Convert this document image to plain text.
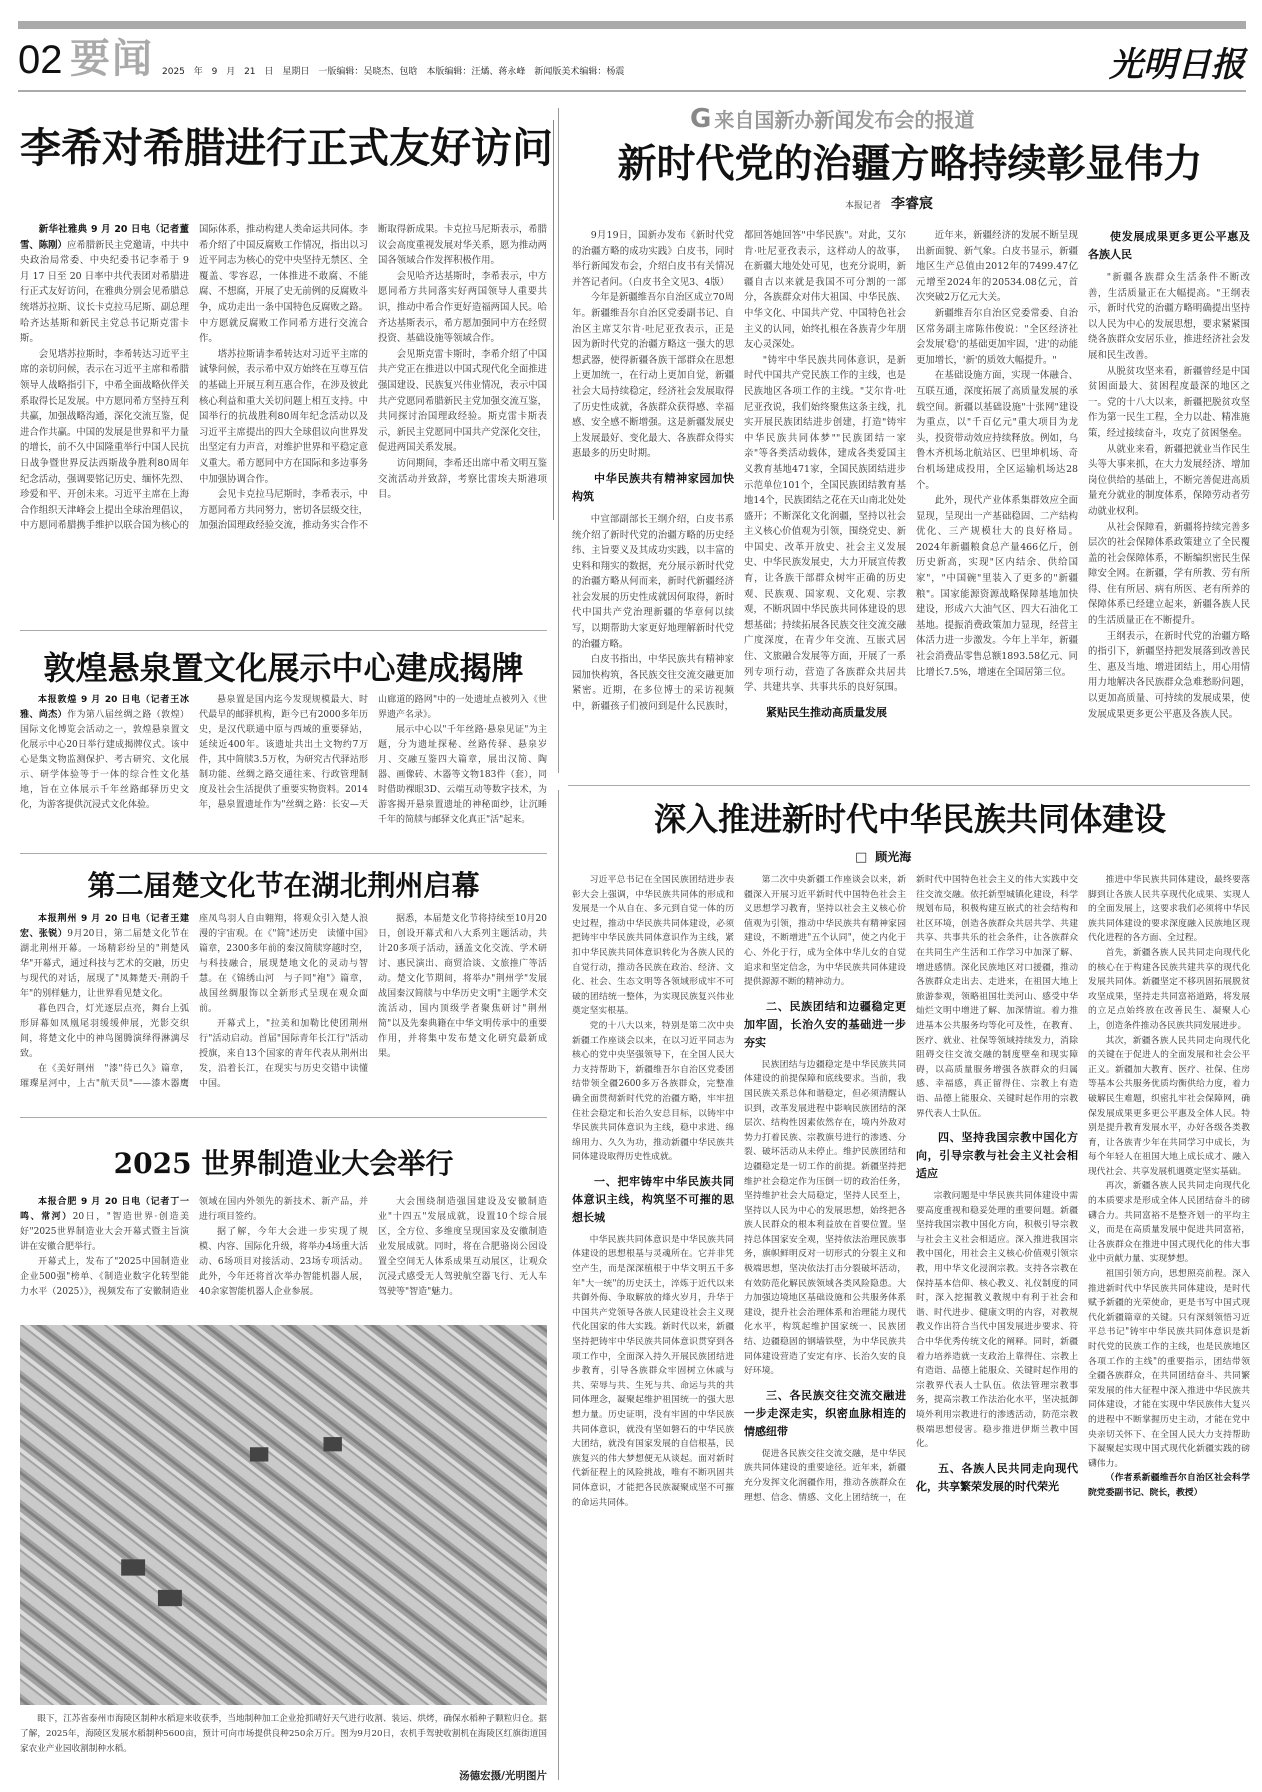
02 要闻 2025 年 9 月 21 日　星期日　一版编辑：吴晓杰、包晗　本版编辑：汪燏、蒋永峰　新闻版美术编辑：杨震	光明日报
李希对希腊进行正式友好访问

新华社雅典 9 月 20 日电（记者董雪、陈刚）应希腊新民主党邀请，中共中央政治局常委、中央纪委书记李希于 9 月 17 日至 20 日率中共代表团对希腊进行正式友好访问，在雅典分别会见希腊总统塔苏拉斯、议长卡克拉马尼斯、副总理哈齐达基斯和新民主党总书记斯克雷卡斯。

会见塔苏拉斯时，李希转达习近平主席的亲切问候，表示在习近平主席和希腊领导人战略指引下，中希全面战略伙伴关系取得长足发展。中方愿同希方坚持互利共赢，加强战略沟通，深化交流互鉴，促进合作共赢。中国的发展是世界和平力量的增长，前不久中国隆重举行中国人民抗日战争暨世界反法西斯战争胜利80周年纪念活动，强调要铭记历史、缅怀先烈、珍爱和平、开创未来。习近平主席在上海合作组织天津峰会上提出全球治理倡议，中方愿同希腊携手维护以联合国为核心的国际体系，推动构建人类命运共同体。李希介绍了中国反腐败工作情况，指出以习近平同志为核心的党中央坚持无禁区、全覆盖、零容忍，一体推进不敢腐、不能腐、不想腐，开展了史无前例的反腐败斗争，成功走出一条中国特色反腐败之路。中方愿就反腐败工作同希方进行交流合作。

塔苏拉斯请李希转达对习近平主席的诚挚问候，表示希中双方始终在互尊互信的基础上开展互利互惠合作，在涉及彼此核心利益和重大关切问题上相互支持。中国举行的抗战胜利80周年纪念活动以及习近平主席提出的四大全球倡议向世界发出坚定有力声音，对维护世界和平稳定意义重大。希方愿同中方在国际和多边事务中加强协调合作。

会见卡克拉马尼斯时，李希表示，中方愿同希方共同努力，密切各层级交往，加强治国理政经验交流，推动务实合作不断取得新成果。卡克拉马尼斯表示，希腊议会高度重视发展对华关系，愿为推动两国各领域合作发挥积极作用。

会见哈齐达基斯时，李希表示，中方愿同希方共同落实好两国领导人重要共识，推动中希合作更好造福两国人民。哈齐达基斯表示，希方愿加强同中方在经贸投资、基础设施等领域合作。

会见斯克雷卡斯时，李希介绍了中国共产党正在推进以中国式现代化全面推进强国建设、民族复兴伟业情况，表示中国共产党愿同希腊新民主党加强交流互鉴，共同探讨治国理政经验。斯克雷卡斯表示，新民主党愿同中国共产党深化交往，促进两国关系发展。

访问期间，李希还出席中希文明互鉴交流活动并致辞，考察比雷埃夫斯港项目。

敦煌悬泉置文化展示中心建成揭牌

本报敦煌 9 月 20 日电（记者王冰雅、尚杰）作为第八届丝绸之路（敦煌）国际文化博览会活动之一，敦煌悬泉置文化展示中心20日举行建成揭牌仪式。该中心是集文物监测保护、考古研究、文化展示、研学体验等于一体的综合性文化基地，旨在立体展示千年丝路邮驿历史文化，为游客提供沉浸式文化体验。

悬泉置是国内迄今发现规模最大、时代最早的邮驿机构，距今已有2000多年历史，是汉代联通中原与西域的重要驿站，延续近400年。该遗址共出土文物约7万件，其中简牍3.5万枚，为研究古代驿站形制功能、丝绸之路交通往来、行政管理制度及社会生活提供了重要实物资料。2014年，悬泉置遗址作为"丝绸之路：长安—天山廊道的路网"中的一处遗址点被列入《世界遗产名录》。

展示中心以"千年丝路·悬泉见证"为主题，分为遗址探秘、丝路传驿、悬泉岁月、交融互鉴四大篇章，展出汉简、陶器、画像砖、木器等文物183件（套），同时借助裸眼3D、云端互动等数字技术，为游客揭开悬泉置遗址的神秘面纱，让沉睡千年的简牍与邮驿文化真正"活"起来。

第二届楚文化节在湖北荆州启幕

本报荆州 9 月 20 日电（记者王建宏、张锐）9月20日，第二届楚文化节在湖北荆州开幕。一场精彩纷呈的"荆楚风华"开幕式，通过科技与艺术的交融，历史与现代的对话，展现了"凤舞楚天·荆韵千年"的别样魅力，让世界看见楚文化。

暮色四合，灯光逐层点亮，舞台上弧形屏幕如凤凰尾羽缓缓伸展，光影交织间，将楚文化中的神鸟图腾演绎得淋漓尽致。

在《美好荆州　"漆"待已久》篇章，璀璨星河中，上古"航天员"——漆木器鹰座凤鸟羽人自由翱翔，将观众引入楚人浪漫的宇宙观。在《"简"述历史　读懂中国》篇章，2300多年前的秦汉简牍穿越时空，与科技融合，展现楚地文化的灵动与智慧。在《锦绣山河　与子同"袍"》篇章，战国丝绸服饰以全新形式呈现在观众面前。

开幕式上，"拉美和加勒比使团荆州行"活动启动。首届"国际青年长江行"活动授旗，来自13个国家的青年代表从荆州出发，沿着长江，在现实与历史交错中读懂中国。

据悉，本届楚文化节将持续至10月20日，创设开幕式和八大系列主题活动，共计20多项子活动，涵盖文化交流、学术研讨、惠民演出、商贸洽谈、文旅推广等活动。楚文化节期间，将举办"荆州学"发展战国秦汉简牍与中华历史文明"主题学术交流活动，国内顶级学者聚焦研讨"荆州简"以及先秦典籍在中华文明传承中的重要作用，并将集中发布楚文化研究最新成果。

2025 世界制造业大会举行

本报合肥 9 月 20 日电（记者丁一鸣、常河）20日，"智造世界·创造美好"2025世界制造业大会开幕式暨主旨演讲在安徽合肥举行。

开幕式上，发布了"2025中国制造业企业500强"榜单、《制造业数字化转型能力水平（2025）》，视频发布了安徽制造业领域在国内外领先的新技术、新产品，并进行项目签约。

据了解，今年大会进一步实现了规模、内容、国际化升级，将举办4场重大活动、6场项目对接活动、23场专项活动。此外，今年还将首次举办智能机器人展，40余家智能机器人企业参展。

大会围绕制造强国建设及安徽制造业"十四五"发展成就，设置10个综合展区，全方位、多维度呈现国家及安徽制造业发展成就。同时，将在合肥骆岗公园设置全空间无人体系成果互动展区，让观众沉浸式感受无人驾驶航空器飞行、无人车驾驶等"智造"魅力。

眼下，江苏省泰州市海陵区制种水稻迎来收获季，当地制种加工企业抢抓晴好天气进行收割、装运、烘烤，确保水稻种子颗粒归仓。据了解，2025年，海陵区发展水稻制种5600亩，预计可向市场提供良种250余万斤。图为9月20日，农机手驾驶收割机在海陵区红旗街道国家农业产业园收割制种水稻。
汤德宏摄/光明图片
G 来自国新办新闻发布会的报道
新时代党的治疆方略持续彰显伟力
本报记者 李睿宸

9月19日，国新办发布《新时代党的治疆方略的成功实践》白皮书，同时举行新闻发布会，介绍白皮书有关情况并答记者问。（白皮书全文见3、4版）

今年是新疆维吾尔自治区成立70周年。新疆维吾尔自治区党委副书记、自治区主席艾尔肯·吐尼亚孜表示，正是因为新时代党的治疆方略这一强大的思想武器，使得新疆各族干部群众在思想上更加统一，在行动上更加自觉，新疆社会大局持续稳定，经济社会发展取得了历史性成就，各族群众获得感、幸福感、安全感不断增强。这是新疆发展史上发展最好、变化最大、各族群众得实惠最多的历史时期。

中华民族共有精神家园加快构筑

中宣部副部长王纲介绍，白皮书系统介绍了新时代党的治疆方略的历史经纬、主旨要义及其成功实践，以丰富的史料和翔实的数据，充分展示新时代党的治疆方略从何而来，新时代新疆经济社会发展的历史性成就因何取得，新时代中国共产党治理新疆的华章何以续写，以期帮助大家更好地理解新时代党的治疆方略。

白皮书指出，中华民族共有精神家园加快构筑，各民族交往交流交融更加紧密。近期，在多位博士的采访视频中，新疆孩子们被问到是什么民族时，都回答她回答"中华民族"。对此，艾尔肯·吐尼亚孜表示，这样动人的故事，在新疆大地处处可见，也充分说明，新疆自古以来就是我国不可分割的一部分，各族群众对伟大祖国、中华民族、中华文化、中国共产党、中国特色社会主义的认同，始终扎根在各族青少年朋友心灵深处。

"铸牢中华民族共同体意识，是新时代中国共产党民族工作的主线，也是民族地区各项工作的主线。"艾尔肯·吐尼亚孜说，我们始终聚焦这条主线，扎实开展民族团结进步创建，打造"铸牢中华民族共同体梦""民族团结一家亲"等各类活动载体，建成各类爱国主义教育基地471家，全国民族团结进步示范单位101个，全国民族团结教育基地14个，民族团结之花在天山南北处处盛开；不断深化文化润疆，坚持以社会主义核心价值观为引领，围绕党史、新中国史、改革开放史、社会主义发展史、中华民族发展史，大力开展宣传教育，让各族干部群众树牢正确的历史观、民族观、国家观、文化观、宗教观，不断巩固中华民族共同体建设的思想基础；持续拓展各民族交往交流交融广度深度，在青少年交流、互嵌式居住、文旅融合发展等方面，开展了一系列专项行动，营造了各族群众共居共学、共建共享、共事共乐的良好氛围。

紧贴民生推动高质量发展

近年来，新疆经济的发展不断呈现出新面貌、新气象。白皮书显示，新疆地区生产总值由2012年的7499.47亿元增至2024年的20534.08亿元，首次突破2万亿元大关。

新疆维吾尔自治区党委常委、自治区常务副主席陈伟俊说："全区经济社会发展'稳'的基础更加牢固，'进'的动能更加增长，'新'的质效大幅提升。"

在基础设施方面，实现一体融合、互联互通，深度拓展了高质量发展的承载空间。新疆以基础设施"十张网"建设为重点，以"千百亿元"重大项目为龙头，投资带动效应持续释放。例如，乌鲁木齐机场北航站区、巴里坤机场、奇台机场建成投用，全区运输机场达28个。

此外，现代产业体系集群效应全面显现，呈现出一产基础稳固、二产结构优化、三产规模壮大的良好格局。2024年新疆粮食总产量466亿斤，创历史新高，实现"区内结余、供给国家"，"中国碗"里装入了更多的"新疆粮"。国家能源资源战略保障基地加快建设，形成六大油气区、四大石油化工基地。提振消费政策加力显现，经营主体活力进一步激发。今年上半年，新疆社会消费品零售总额1893.58亿元、同比增长7.5%，增速在全国居第三位。

使发展成果更多更公平惠及各族人民

"新疆各族群众生活条件不断改善，生活质量正在大幅提高。"王纲表示，新时代党的治疆方略明确提出坚持以人民为中心的发展思想，要求紧紧围绕各族群众安居乐业，推进经济社会发展和民生改善。

从脱贫攻坚来看，新疆曾经是中国贫困面最大、贫困程度最深的地区之一。党的十八大以来，新疆把脱贫攻坚作为第一民生工程，全力以赴、精准施策，经过接续奋斗，攻克了贫困堡垒。

从就业来看，新疆把就业当作民生头等大事来抓，在大力发展经济、增加岗位供给的基础上，不断完善促进高质量充分就业的制度体系，保障劳动者劳动就业权利。

从社会保障看，新疆将持续完善多层次的社会保障体系政策建立了全民覆盖的社会保障体系，不断编织密民生保障安全网。在新疆，学有所教、劳有所得、住有所居、病有所医、老有所养的保障体系已经建立起来，新疆各族人民的生活质量正在不断提升。

王纲表示，在新时代党的治疆方略的指引下，新疆坚持把发展落到改善民生、惠及当地、增进团结上，用心用情用力地解决各民族群众急难愁盼问题，以更加高质量、可持续的发展成果，使发展成果更多更公平惠及各族人民。

深入推进新时代中华民族共同体建设
□ 顾光海

习近平总书记在全国民族团结进步表彰大会上强调，中华民族共同体的形成和发展是一个从自在、多元到自觉一体的历史过程，推动中华民族共同体建设，必须把铸牢中华民族共同体意识作为主线，紧扣中华民族共同体意识转化为各族人民的自觉行动，推动各民族在政治、经济、文化、社会、生态文明等各领域形成牢不可破的团结统一整体，为实现民族复兴伟业奠定坚实根基。

党的十八大以来，特别是第二次中央新疆工作座谈会以来，在以习近平同志为核心的党中央坚强领导下，在全国人民大力支持帮助下，新疆维吾尔自治区党委团结带领全疆2600多万各族群众，完整准确全面贯彻新时代党的治疆方略，牢牢扭住社会稳定和长治久安总目标，以铸牢中华民族共同体意识为主线，稳中求进、绵绵用力、久久为功，推动新疆中华民族共同体建设取得历史性成就。

一、把牢铸牢中华民族共同体意识主线，构筑坚不可摧的思想长城

中华民族共同体意识是中华民族共同体建设的思想根基与灵魂所在。它并非凭空产生，而是深深植根于中华文明五千多年"大一统"的历史沃土，淬炼于近代以来共御外侮、争取解放的烽火岁月，升华于中国共产党领导各族人民建设社会主义现代化国家的伟大实践。新时代以来，新疆坚持把铸牢中华民族共同体意识贯穿到各项工作中，全面深入持久开展民族团结进步教育，引导各族群众牢固树立休戚与共、荣辱与共、生死与共、命运与共的共同体理念，凝聚起维护祖国统一的强大思想力量。历史证明，没有牢固的中华民族共同体意识，就没有坚如磐石的中华民族大团结，就没有国家发展的自信根基，民族复兴的伟大梦想便无从谈起。面对新时代新征程上的风险挑战，唯有不断巩固共同体意识，才能把各民族凝聚成坚不可摧的命运共同体。

第二次中央新疆工作座谈会以来，新疆深入开展习近平新时代中国特色社会主义思想学习教育，坚持以社会主义核心价值观为引领，推动中华民族共有精神家园建设，不断增进"五个认同"，使之内化于心、外化于行，成为全体中华儿女的自觉追求和坚定信念，为中华民族共同体建设提供源源不断的精神动力。

二、民族团结和边疆稳定更加牢固，长治久安的基础进一步夯实

民族团结与边疆稳定是中华民族共同体建设的前提保障和底线要求。当前，我国民族关系总体和谐稳定，但必须清醒认识到，改革发展进程中影响民族团结的深层次、结构性因素依然存在，境内外敌对势力打着民族、宗教旗号进行的渗透、分裂、破坏活动从未停止。维护民族团结和边疆稳定是一切工作的前提。新疆坚持把维护社会稳定作为压倒一切的政治任务，坚持维护社会大局稳定，坚持人民至上，坚持以人民为中心的发展思想，始终把各族人民群众的根本利益放在首要位置。坚持总体国家安全观，坚持依法治理民族事务，旗帜鲜明反对一切形式的分裂主义和极端思想，坚决依法打击分裂破坏活动，有效防范化解民族领域各类风险隐患。大力加强边境地区基础设施和公共服务体系建设，提升社会治理体系和治理能力现代化水平，构筑起维护国家统一、民族团结、边疆稳固的钢墙铁壁，为中华民族共同体建设营造了安定有序、长治久安的良好环境。

三、各民族交往交流交融进一步走深走实，织密血脉相连的情感纽带

促进各民族交往交流交融，是中华民族共同体建设的重要途径。近年来，新疆充分发挥文化润疆作用，推动各族群众在理想、信念、情感、文化上团结统一，在新时代中国特色社会主义的伟大实践中交往交流交融。依托新型城镇化建设，科学规划布局，积极构建互嵌式的社会结构和社区环境，创造各族群众共居共学、共建共享、共事共乐的社会条件，让各族群众在共同生产生活和工作学习中加深了解、增进感情。深化民族地区对口援疆，推动各族群众走出去、走进来，在祖国大地上旅游参观，领略祖国壮美河山、感受中华灿烂文明中增进了解、加深情谊。着力推进基本公共服务均等化可及性，在教育、医疗、就业、社保等领域持续发力，消除阻碍交往交流交融的制度壁垒和现实障碍，以高质量服务增强各族群众的归属感、幸福感，真正留得住、宗教上有造诣、品德上能服众、关键时起作用的宗教界代表人士队伍。

四、坚持我国宗教中国化方向，引导宗教与社会主义社会相适应

宗教问题是中华民族共同体建设中需要高度重视和稳妥处理的重要问题。新疆坚持我国宗教中国化方向，积极引导宗教与社会主义社会相适应。深入推进我国宗教中国化，用社会主义核心价值观引领宗教，用中华文化浸润宗教。支持各宗教在保持基本信仰、核心教义、礼仪制度的同时，深入挖掘教义教规中有利于社会和谐、时代进步、健康文明的内容，对教规教义作出符合当代中国发展进步要求、符合中华优秀传统文化的阐释。同时，新疆着力培养造就一支政治上靠得住、宗教上有造诣、品德上能服众、关键时起作用的宗教界代表人士队伍。依法管理宗教事务，提高宗教工作法治化水平，坚决抵御境外利用宗教进行的渗透活动，防范宗教极端思想侵害。稳步推进伊斯兰教中国化。

五、各族人民共同走向现代化，共享繁荣发展的时代荣光

推进中华民族共同体建设，最终要落脚到让各族人民共享现代化成果、实现人的全面发展上，这要求我们必须将中华民族共同体建设的要求深度融入民族地区现代化进程的各方面、全过程。

首先，新疆各族人民共同走向现代化的核心在于构建各民族共建共享的现代化发展共同体。新疆坚定不移巩固拓展脱贫攻坚成果，坚持走共同富裕道路，将发展的立足点始终放在改善民生、凝聚人心上，创造条件推动各民族共同发展进步。

其次，新疆各族人民共同走向现代化的关键在于促进人的全面发展和社会公平正义。新疆加大教育、医疗、社保、住房等基本公共服务优质均衡供给力度，着力破解民生难题，织密扎牢社会保障网，确保发展成果更多更公平惠及全体人民。特别是提升教育发展水平，办好各级各类教育，让各族青少年在共同学习中成长，为每个年轻人在祖国大地上成长成才、融入现代社会、共享发展机遇奠定坚实基础。

再次，新疆各族人民共同走向现代化的本质要求是形成全体人民团结奋斗的磅礴合力。共同富裕不是整齐划一的平均主义，而是在高质量发展中促进共同富裕，让各族群众在推进中国式现代化的伟大事业中贡献力量、实现梦想。

祖国引领方向，思想照亮前程。深入推进新时代中华民族共同体建设，是时代赋予新疆的光荣使命，更是书写中国式现代化新疆篇章的关键。只有深刻领悟习近平总书记"铸牢中华民族共同体意识是新时代党的民族工作的主线，也是民族地区各项工作的主线"的重要指示，团结带领全疆各族群众，在共同团结奋斗、共同繁荣发展的伟大征程中深入推进中华民族共同体建设，才能在实现中华民族伟大复兴的进程中不断掌握历史主动，才能在党中央亲切关怀下、在全国人民大力支持帮助下凝聚起实现中国式现代化新疆实践的磅礴伟力。

（作者系新疆维吾尔自治区社会科学院党委副书记、院长，教授）
